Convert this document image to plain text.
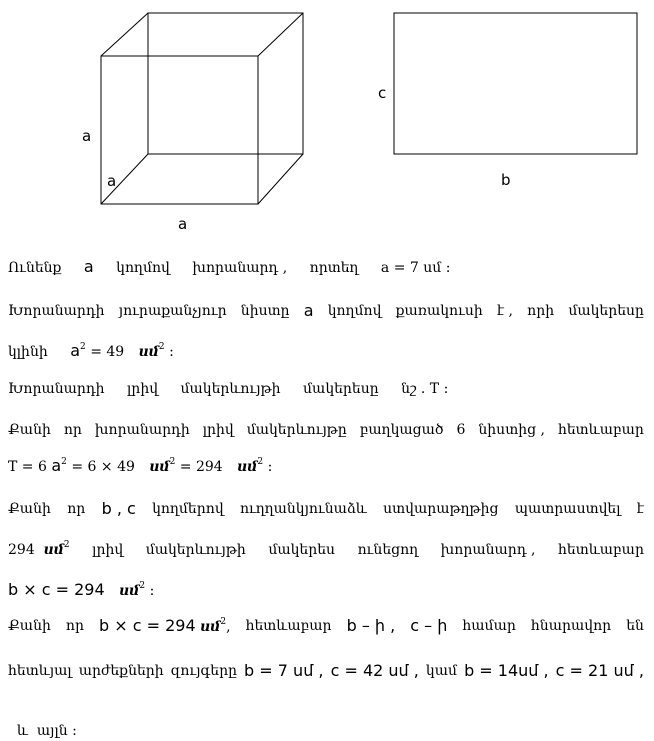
a
a
a
c
b
Ունենք a կողմով խորանարդ , որտեղ a = 7 սմ :
Խորանարդի յուրաքանչյուր նիստը a կողմով քառակուսի է , որի մակերեսը
կլինի $a^2 = 49$ սմ$^2$ :
Խորանարդի լրիվ մակերևույթի մակերեսը նշ . T :
Քանի որ խորանարդի լրիվ մակերևույթը բաղկացած 6 նիստից , հետևաբար
T = 6 $a^2 = 6 \times 49$ սմ$^2$ = 294 սմ$^2$ :
Քանի որ b , c կողմերով ուղղանկյունաձև ստվարաթղթից պատրաստվել է
294 սմ$^2$ լրիվ մակերևույթի մակերես ունեցող խորանարդ , հետևաբար
b × c = 294 սմ$^2$ :
Քանի որ b × c = 294 սմ$^2$, հետևաբար b – ի , c – ի համար հնարավոր են
հետևյալ արժեքների զույգերը b = 7 սմ , c = 42 սմ , կամ b = 14սմ , c = 21 սմ ,

և  այլն :
